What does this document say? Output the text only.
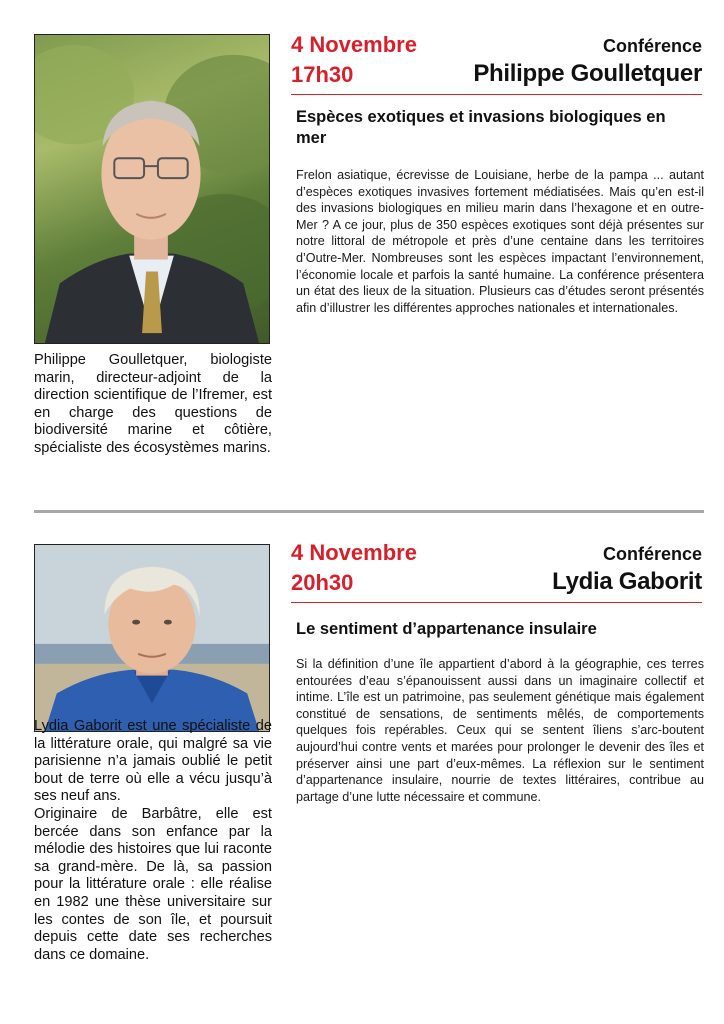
Philippe Goulletquer, biologiste marin, directeur-adjoint de la direction scientifique de l’Ifremer, est en charge des questions de biodiversité marine et côtière, spécialiste des écosystèmes marins.
4 Novembre
17h30
Conférence
Philippe Goulletquer
Espèces exotiques et invasions biologiques en mer
Frelon asiatique, écrevisse de Louisiane, herbe de la pampa ... autant d’espèces exotiques invasives fortement médiatisées. Mais qu’en est-il des invasions biologiques en milieu marin dans l’hexagone et en outre-Mer ? A ce jour, plus de 350 espèces exotiques sont déjà présentes sur notre littoral de métropole et près d’une centaine dans les territoires d’Outre-Mer. Nombreuses sont les espèces impactant l’environnement, l’économie locale et parfois la santé humaine. La conférence présentera un état des lieux de la situation. Plusieurs cas d’études seront présentés afin d’illustrer les différentes approches nationales et internationales.
Lydia Gaborit est une spécialiste de la littérature orale, qui malgré sa vie parisienne n’a jamais oublié le petit bout de terre où elle a vécu jusqu’à ses neuf ans.
Originaire de Barbâtre, elle est bercée dans son enfance par la mélodie des histoires que lui raconte sa grand-mère. De là, sa passion pour la littérature orale : elle réalise en 1982 une thèse universitaire sur les contes de son île, et poursuit depuis cette date ses recherches dans ce domaine.
4 Novembre
20h30
Conférence
Lydia Gaborit
Le sentiment d’appartenance insulaire
Si la définition d’une île appartient d’abord à la géographie, ces terres entourées d’eau s’épanouissent aussi dans un imaginaire collectif et intime. L’île est un patrimoine, pas seulement génétique mais également constitué de sensations, de sentiments mêlés, de comportements quelques fois repérables. Ceux qui se sentent îliens s’arc-boutent aujourd’hui contre vents et marées pour prolonger le devenir des îles et préserver ainsi une part d’eux-mêmes. La réflexion sur le sentiment d’appartenance insulaire, nourrie de textes littéraires, contribue au partage d’une lutte nécessaire et commune.
